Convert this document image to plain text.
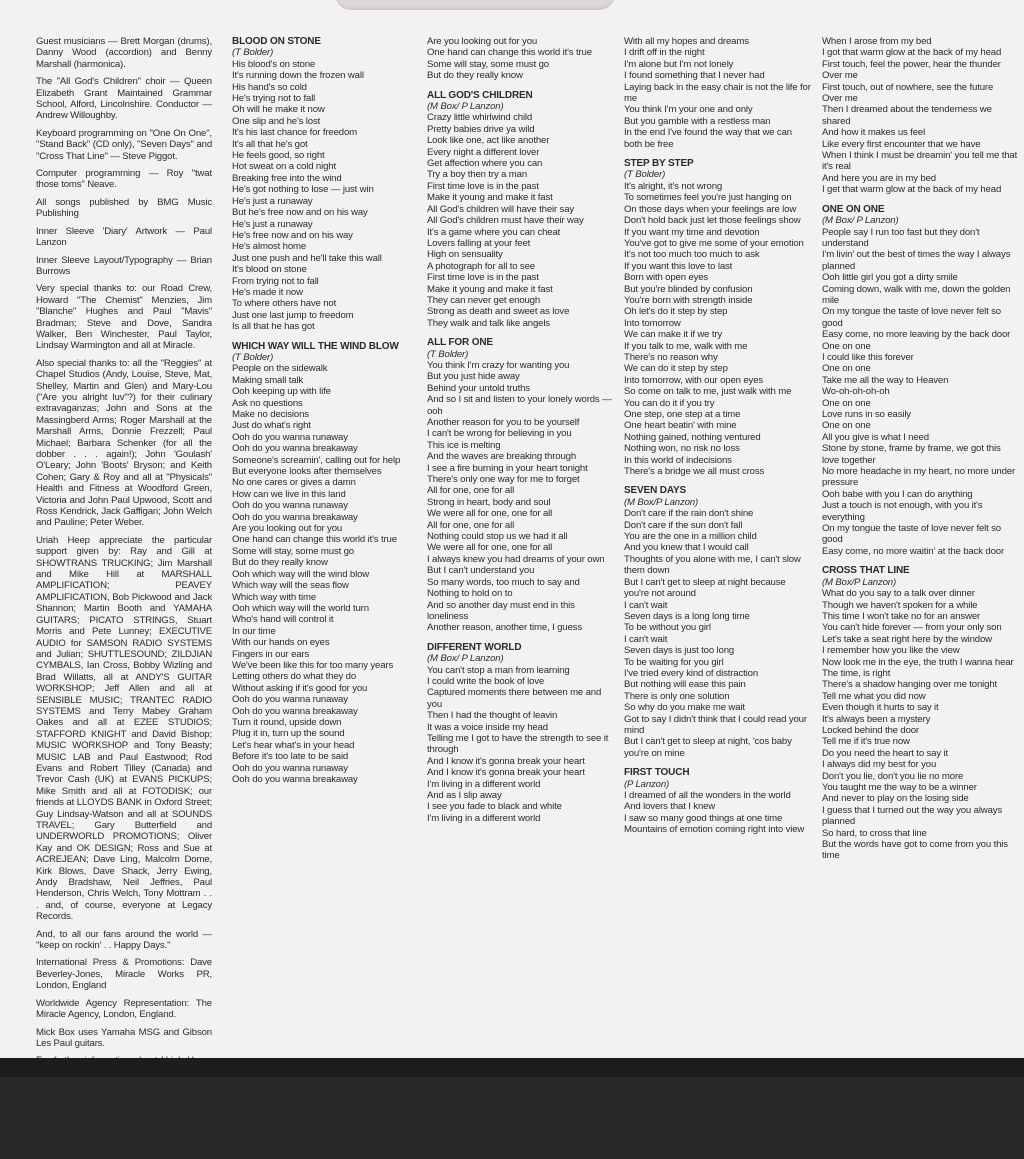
Guest musicians — Brett Morgan (drums), Danny Wood (accordion) and Benny Marshall (harmonica).

The "All God's Children" choir — Queen Elizabeth Grant Maintained Grammar School, Alford, Lincolnshire. Conductor — Andrew Willoughby.

Keyboard programming on "One On One", "Stand Back" (CD only), "Seven Days" and "Cross That Line" — Steve Piggot.

Computer programming — Roy "twat those toms" Neave.

All songs published by BMG Music Publishing

Inner Sleeve 'Diary' Artwork — Paul Lanzon

Inner Sleeve Layout/Typography — Brian Burrows

Very special thanks to: our Road Crew, Howard "The Chemist" Menzies, Jim "Blanche" Hughes and Paul "Mavis" Bradman; Steve and Dove, Sandra Walker, Ben Winchester, Paul Taylor, Lindsay Warmington and all at Miracle.

Also special thanks to: all the "Reggies" at Chapel Studios (Andy, Louise, Steve, Mat, Shelley, Martin and Glen) and Mary-Lou ("Are you alright luv"?) for their culinary extravaganzas; John and Sons at the Massingberd Arms; Roger Marshall at the Marshall Arms, Donnie Frezzell; Paul Michael; Barbara Schenker (for all the dobber . . . again!); John 'Goulash' O'Leary; John 'Boots' Bryson; and Keith Cohen; Gary & Roy and all at "Physicals" Health and Fitness at Woodford Green, Victoria and John Paul Upwood, Scott and Ross Kendrick, Jack Gaffigan; John Welch and Pauline; Peter Weber.

Uriah Heep appreciate the particular support given by: Ray and Gill at SHOWTRANS TRUCKING; Jim Marshall and Mike Hill at MARSHALL AMPLIFICATION; PEAVEY AMPLIFICATION, Bob Pickwood and Jack Shannon; Martin Booth and YAMAHA GUITARS; PICATO STRINGS, Stuart Morris and Pete Lunney; EXECUTIVE AUDIO for SAMSON RADIO SYSTEMS and Julian; SHUTTLESOUND; ZILDJIAN CYMBALS, Ian Cross, Bobby Wizling and Brad Willatts, all at ANDY'S GUITAR WORKSHOP; Jeff Allen and all at SENSIBLE MUSIC; TRANTEC RADIO SYSTEMS and Terry Mabey Graham Oakes and all at EZEE STUDIOS; STAFFORD KNIGHT and David Bishop; MUSIC WORKSHOP and Tony Beasty; MUSIC LAB and Paul Eastwood; Rod Evans and Robert Tilley (Canada) and Trevor Cash (UK) at EVANS PICKUPS; Mike Smith and all at FOTODISK; our friends at LLOYDS BANK in Oxford Street; Guy Lindsay-Watson and all at SOUNDS TRAVEL; Gary Butterfield and UNDERWORLD PROMOTIONS; Oliver Kay and OK DESIGN; Ross and Sue at ACREJEAN; Dave Ling, Malcolm Dome, Kirk Blows, Dave Shack, Jerry Ewing, Andy Bradshaw, Neil Jeffries, Paul Henderson, Chris Welch, Tony Mottram . . . and, of course, everyone at Legacy Records.

And, to all our fans around the world — "keep on rockin' . . Happy Days."

International Press & Promotions: Dave Beverley-Jones, Miracle Works PR, London, England

Worldwide Agency Representation: The Miracle Agency, London, England.

Mick Box uses Yamaha MSG and Gibson Les Paul guitars.

addressed envelope (UK) or equivalent sterling money order for postage (overseas) to:

URIAH HEEP, BOX 91/1, 33 Goodge Street,
London W1P 1FD, England

BLOOD ON STONE

(T Bolder)

His blood's on stone
It's running down the frozen wall
His hand's so cold
He's trying not to fall
Oh will he make it now
One slip and he's lost
It's his last chance for freedom
It's all that he's got

He feels good, so right
Hot sweat on a cold night
Breaking free into the wind
He's got nothing to lose — just win

He's just a runaway
But he's free now and on his way
He's just a runaway
He's free now and on his way

He's almost home
Just one push and he'll take this wall
It's blood on stone
From trying not to fall
He's made it now
To where others have not
Just one last jump to freedom
Is all that he has got

WHICH WAY WILL THE WIND BLOW

(T Bolder)

People on the sidewalk
Making small talk
Ooh keeping up with life
Ask no questions

Make no decisions
Just do what's right

Ooh do you wanna runaway
Ooh do you wanna breakaway

Someone's screamin', calling out for help
But everyone looks after themselves
No one cares or gives a damn
How can we live in this land

Ooh do you wanna runaway
Ooh do you wanna breakaway

Are you looking out for you
One hand can change this world it's true
Some will stay, some must go
But do they really know

Ooh which way will the wind blow
Which way will the seas flow
Which way with time
Ooh which way will the world turn
Who's hand will control it
In our time

With our hands on eyes
Fingers in our ears
We've been like this for too many years
Letting others do what they do
Without asking if it's good for you

Ooh do you wanna runaway
Ooh do you wanna breakaway

Turn it round, upside down
Plug it in, turn up the sound
Let's hear what's in your head
Before it's too late to be said

Ooh do you wanna runaway
Ooh do you wanna breakaway

Are you looking out for you
One hand can change this world it's true
Some will stay, some must go
But do they really know

ALL GOD'S CHILDREN

(M Box/ P Lanzon)

Crazy little whirlwind child
Pretty babies drive ya wild
Look like one, act like another
Every night a different lover
Get affection where you can
Try a boy then try a man
First time love is in the past
Make it young and make it fast

All God's children will have their say
All God's children must have their way

It's a game where you can cheat
Lovers falling at your feet
High on sensuality
A photograph for all to see
First time love is in the past
Make it young and make it fast
They can never get enough
Strong as death and sweet as love
They walk and talk like angels

ALL FOR ONE

(T Bolder)

You think I'm crazy for wanting you
But you just hide away
Behind your untold truths
And so I sit and listen to your lonely words — ooh
Another reason for you to be yourself

I can't be wrong for believing in you
This ice is melting
And the waves are breaking through
I see a fire burning in your heart tonight
There's only one way for me to forget

All for one, one for all
Strong in heart, body and soul
We were all for one, one for all
All for one, one for all
Nothing could stop us we had it all
We were all for one, one for all

I always knew you had dreams of your own
But I can't understand you
So many words, too much to say and
Nothing to hold on to
And so another day must end in this loneliness
Another reason, another time, I guess

DIFFERENT WORLD

(M Box/ P Lanzon)

You can't stop a man from learning
I could write the book of love
Captured moments there between me and you
Then I had the thought of leavin
It was a voice inside my head
Telling me I got to have the strength to see it through

And I know it's gonna break your heart
And I know it's gonna break your heart

I'm living in a different world
And as I slip away
I see you fade to black and white
I'm living in a different world

With all my hopes and dreams
I drift off in the night

I'm alone but I'm not lonely
I found something that I never had
Laying back in the easy chair is not the life for me
You think I'm your one and only
But you gamble with a restless man
In the end I've found the way that we can both be free

STEP BY STEP

(T Bolder)

It's alright, it's not wrong
To sometimes feel you're just hanging on
On those days when your feelings are low
Don't hold back just let those feelings show

If you want my time and devotion
You've got to give me some of your emotion
It's not too much too much to ask
If you want this love to last
Born with open eyes
But you're blinded by confusion
You're born with strength inside

Oh let's do it step by step
Into tomorrow
We can make it if we try
If you talk to me, walk with me
There's no reason why
We can do it step by step
Into tomorrow, with our open eyes
So come on talk to me, just walk with me
You can do it if you try
One step, one step at a time
One heart beatin' with mine

Nothing gained, nothing ventured
Nothing won, no risk no loss
In this world of indecisions
There's a bridge we all must cross

SEVEN DAYS

(M Box/P Lanzon)

Don't care if the rain don't shine
Don't care if the sun don't fall
You are the one in a million child
And you knew that I would call

Thoughts of you alone with me, I can't slow them down
But I can't get to sleep at night because you're not around

I can't wait
Seven days is a long long time
To be without you girl
I can't wait
Seven days is just too long
To be waiting for you girl

I've tried every kind of distraction
But nothing will ease this pain
There is only one solution
So why do you make me wait

Got to say I didn't think that I could read your mind
But I can't get to sleep at night, 'cos baby you're on mine

FIRST TOUCH

(P Lanzon)

I dreamed of all the wonders in the world
And lovers that I knew
I saw so many good things at one time
Mountains of emotion coming right into view

When I arose from my bed
I got that warm glow at the back of my head

First touch, feel the power, hear the thunder
Over me
First touch, out of nowhere, see the future
Over me

Then I dreamed about the tenderness we shared
And how it makes us feel
Like every first encounter that we have
When I think I must be dreamin' you tell me that it's real

And here you are in my bed
I get that warm glow at the back of my head

ONE ON ONE

(M Box/ P Lanzon)

People say I run too fast but they don't understand
I'm livin' out the best of times the way I always planned
Ooh little girl you got a dirty smile
Coming down, walk with me, down the golden mile
On my tongue the taste of love never felt so good
Easy come, no more leaving by the back door

One on one
I could like this forever
One on one
Take me all the way to Heaven
Wo-oh-oh-oh-oh
One on one
Love runs in so easily
One on one
All you give is what I need

Stone by stone, frame by frame, we got this love together
No more headache in my heart, no more under pressure
Ooh babe with you I can do anything
Just a touch is not enough, with you it's everything
On my tongue the taste of love never felt so good
Easy come, no more waitin' at the back door

CROSS THAT LINE

(M Box/P Lanzon)

What do you say to a talk over dinner
Though we haven't spoken for a while
This time I won't take no for an answer
You can't hide forever — from your only son
Let's take a seat right here by the window
I remember how you like the view
Now look me in the eye, the truth I wanna hear

The time, is right
There's a shadow hanging over me tonight

Tell me what you did now
Even though it hurts to say it
It's always been a mystery
Locked behind the door
Tell me if it's true now
Do you need the heart to say it
I always did my best for you
Don't you lie, don't you lie no more

You taught me the way to be a winner
And never to play on the losing side
I guess that I turned out the way you always planned

So hard, to cross that line
But the words have got to come from you this time
